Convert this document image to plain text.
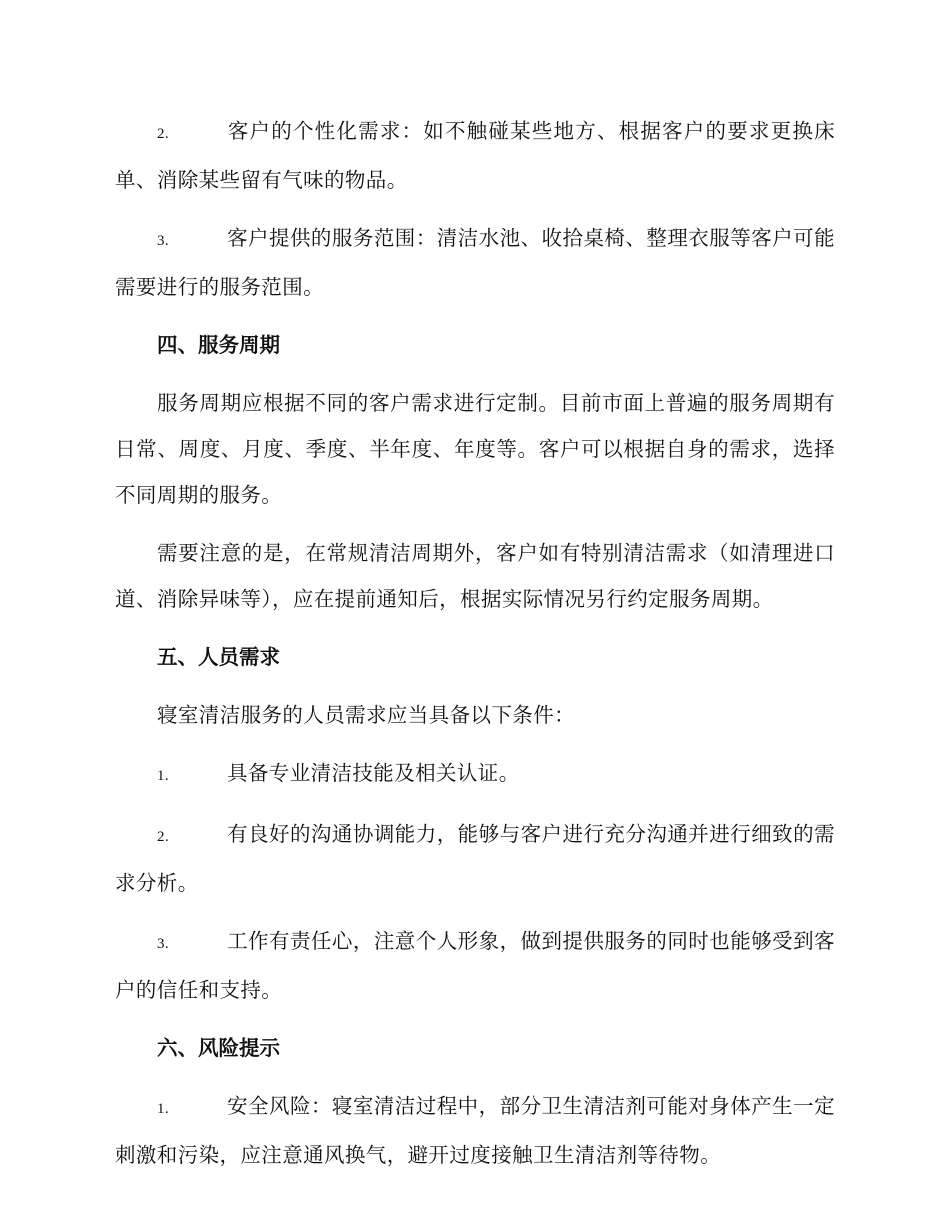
2.	客户的个性化需求：如不触碰某些地方、根据客户的要求更换床单、消除某些留有气味的物品。

3.	客户提供的服务范围：清洁水池、收拾桌椅、整理衣服等客户可能需要进行的服务范围。

四、服务周期

服务周期应根据不同的客户需求进行定制。目前市面上普遍的服务周期有日常、周度、月度、季度、半年度、年度等。客户可以根据自身的需求，选择不同周期的服务。

需要注意的是，在常规清洁周期外，客户如有特别清洁需求（如清理进口道、消除异味等），应在提前通知后，根据实际情况另行约定服务周期。

五、人员需求

寝室清洁服务的人员需求应当具备以下条件：

1.	具备专业清洁技能及相关认证。

2.	有良好的沟通协调能力，能够与客户进行充分沟通并进行细致的需求分析。

3.	工作有责任心，注意个人形象，做到提供服务的同时也能够受到客户的信任和支持。

六、风险提示

1.	安全风险：寝室清洁过程中，部分卫生清洁剂可能对身体产生一定刺激和污染，应注意通风换气，避开过度接触卫生清洁剂等待物。
